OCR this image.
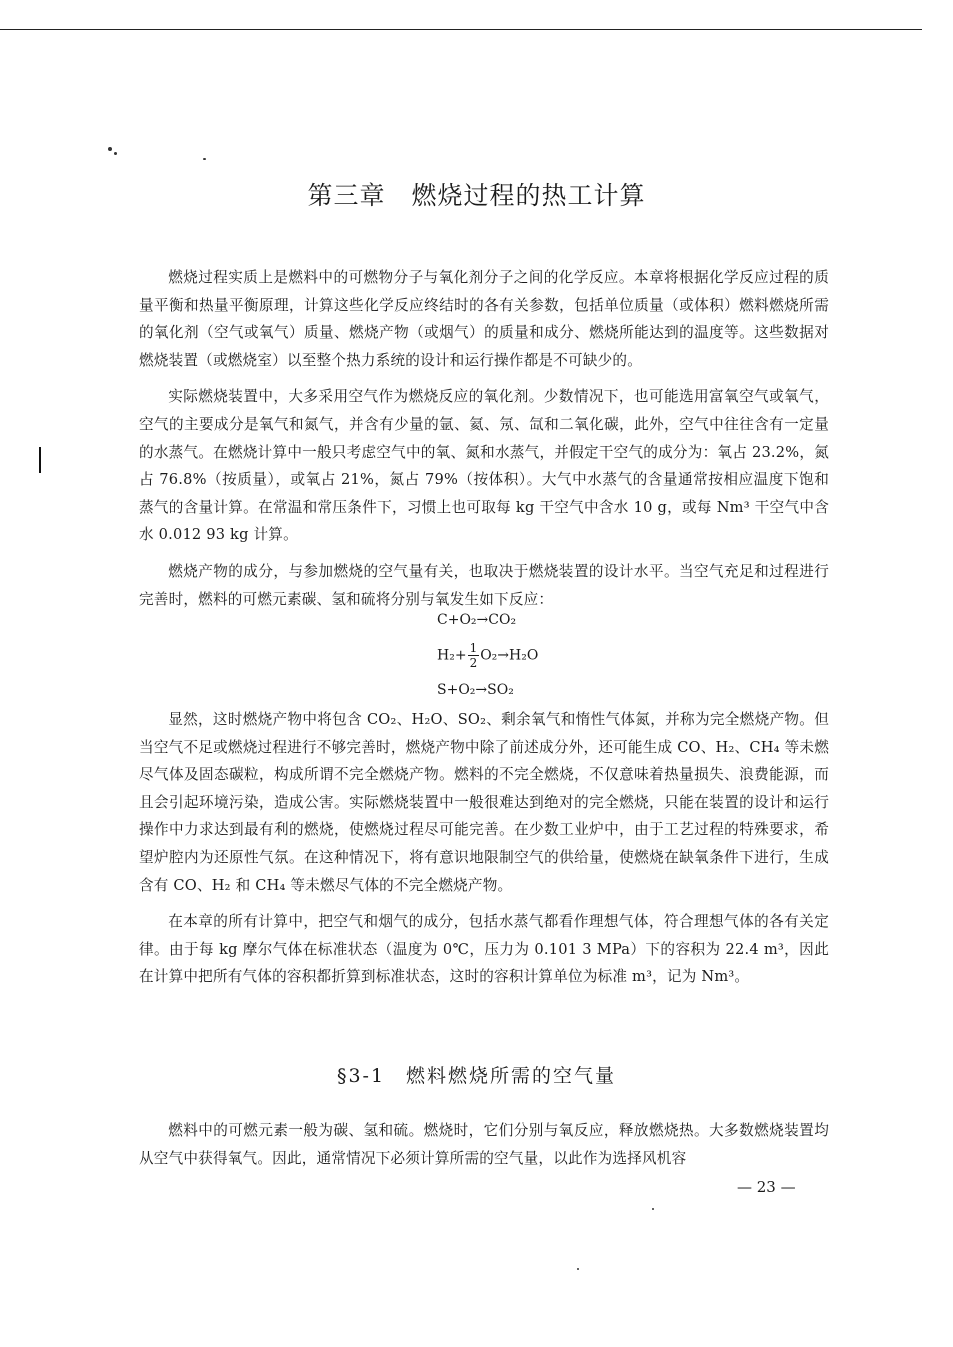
第三章　燃烧过程的热工计算

燃烧过程实质上是燃料中的可燃物分子与氧化剂分子之间的化学反应。本章将根据化学反应过程的质量平衡和热量平衡原理，计算这些化学反应终结时的各有关参数，包括单位质量（或体积）燃料燃烧所需的氧化剂（空气或氧气）质量、燃烧产物（或烟气）的质量和成分、燃烧所能达到的温度等。这些数据对燃烧装置（或燃烧室）以至整个热力系统的设计和运行操作都是不可缺少的。

实际燃烧装置中，大多采用空气作为燃烧反应的氧化剂。少数情况下，也可能选用富氧空气或氧气，空气的主要成分是氧气和氮气，并含有少量的氩、氦、氖、氙和二氧化碳，此外，空气中往往含有一定量的水蒸气。在燃烧计算中一般只考虑空气中的氧、氮和水蒸气，并假定干空气的成分为：氧占 23.2%，氮占 76.8%（按质量），或氧占 21%，氮占 79%（按体积）。大气中水蒸气的含量通常按相应温度下饱和蒸气的含量计算。在常温和常压条件下，习惯上也可取每 kg 干空气中含水 10 g，或每 Nm³ 干空气中含水 0.012 93 kg 计算。

燃烧产物的成分，与参加燃烧的空气量有关，也取决于燃烧装置的设计水平。当空气充足和过程进行完善时，燃料的可燃元素碳、氢和硫将分别与氧发生如下反应：

C+O₂→CO₂
$H_2+ \frac{1}{2} O_2\to H_2O$
S+O₂→SO₂

显然，这时燃烧产物中将包含 CO₂、H₂O、SO₂、剩余氧气和惰性气体氮，并称为完全燃烧产物。但当空气不足或燃烧过程进行不够完善时，燃烧产物中除了前述成分外，还可能生成 CO、H₂、CH₄ 等未燃尽气体及固态碳粒，构成所谓不完全燃烧产物。燃料的不完全燃烧，不仅意味着热量损失、浪费能源，而且会引起环境污染，造成公害。实际燃烧装置中一般很难达到绝对的完全燃烧，只能在装置的设计和运行操作中力求达到最有利的燃烧，使燃烧过程尽可能完善。在少数工业炉中，由于工艺过程的特殊要求，希望炉腔内为还原性气氛。在这种情况下，将有意识地限制空气的供给量，使燃烧在缺氧条件下进行，生成含有 CO、H₂ 和 CH₄ 等未燃尽气体的不完全燃烧产物。

在本章的所有计算中，把空气和烟气的成分，包括水蒸气都看作理想气体，符合理想气体的各有关定律。由于每 kg 摩尔气体在标准状态（温度为 0℃，压力为 0.101 3 MPa）下的容积为 22.4 m³，因此在计算中把所有气体的容积都折算到标准状态，这时的容积计算单位为标准 m³，记为 Nm³。

§3-1　燃料燃烧所需的空气量

燃料中的可燃元素一般为碳、氢和硫。燃烧时，它们分别与氧反应，释放燃烧热。大多数燃烧装置均从空气中获得氧气。因此，通常情况下必须计算所需的空气量，以此作为选择风机容

— 23 —
